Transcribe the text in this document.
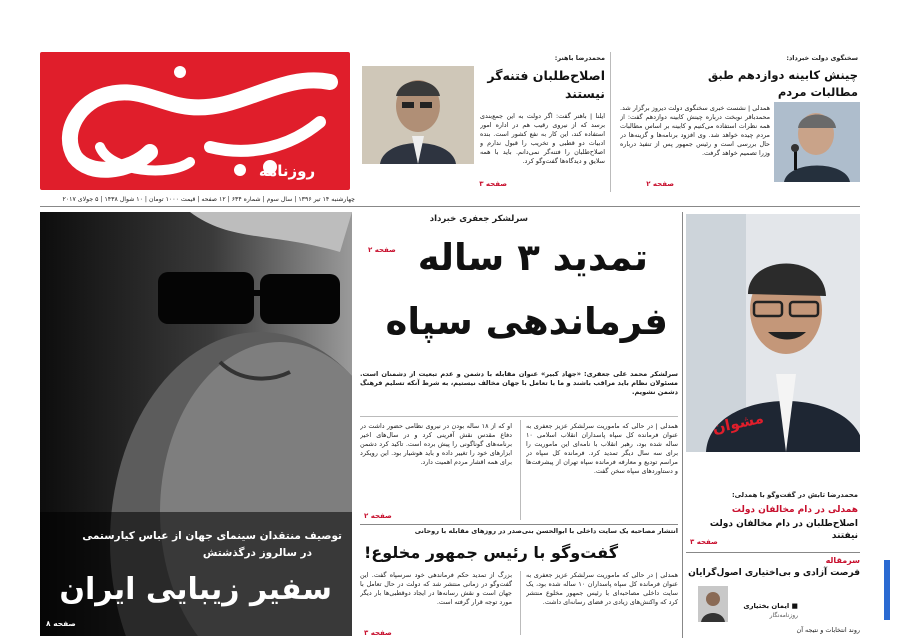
روزنامه
چهارشنبه ۱۴ تیر ۱۳۹۶ | سال سوم | شماره ۶۳۴ | ۱۲ صفحه | قیمت ۱۰۰۰ تومان | ۱۰ شوال ۱۴۳۸ | ۵ جولای ۲۰۱۷
محمدرضا باهنر:
اصلاح‌طلبان فتنه‌گر
نیستند
ایلنا | باهنر گفت: اگر دولت به این جمع‌بندی برسد که از نیروی رقیب هم در اداره امور استفاده کند، این کار به نفع کشور است. بنده ادبیات دو قطبی و تخریب را قبول ندارم و اصلاح‌طلبان را فتنه‌گر نمی‌دانم. باید با همه سلایق و دیدگاه‌ها گفت‌وگو کرد.
صفحه ۳
سخنگوی دولت خبرداد:
چینش کابینه دوازدهم طبق
مطالبات مردم
همدلی | نشست خبری سخنگوی دولت دیروز برگزار شد. محمدباقر نوبخت درباره چینش کابینه دوازدهم گفت: از همه نظرات استفاده می‌کنیم و کابینه بر اساس مطالبات مردم چیده خواهد شد. وی افزود برنامه‌ها و گزینه‌ها در حال بررسی است و رئیس جمهور پس از تنفیذ درباره وزرا تصمیم خواهد گرفت.
صفحه ۲
توصیف منتقدان سینمای جهان از عباس کیارستمی
در سالروز درگذشتش
سفیر زیبایی ایران
صفحه ۸
سرلشکر جعفری خبرداد
تمدید ۳ ساله
فرماندهی سپاه
صفحه ۲
سرلشکر محمد علی جعفری: «جهاد کبیر» عنوان مقابله با دشمن و عدم تبعیت از دشمنان است. مسئولان نظام باید مراقب باشند و ما با تعامل با جهان مخالف نیستیم، به شرط آنکه تسلیم فرهنگ دشمن نشویم.
همدلی | در حالی که ماموریت سرلشکر عزیز جعفری به عنوان فرمانده کل سپاه پاسداران انقلاب اسلامی ۱۰ ساله شده بود، رهبر انقلاب با نامه‌ای این ماموریت را برای سه سال دیگر تمدید کرد. فرمانده کل سپاه در مراسم تودیع و معارفه فرمانده سپاه تهران از پیشرفت‌ها و دستاوردهای سپاه سخن گفت.
او که از ۱۸ ساله بودن در نیروی نظامی حضور داشت در دفاع مقدس نقش آفرینی کرد و در سال‌های اخیر برنامه‌های گوناگونی را پیش برده است. تاکید کرد دشمن ابزارهای خود را تغییر داده و باید هوشیار بود. این رویکرد برای همه اقشار مردم اهمیت دارد.
صفحه ۲
انتشار مصاحبه یک سایت داخلی با ابوالحسن بنی‌صدر در روزهای مقابله با روحانی
گفت‌وگو با رئیس جمهور مخلوع!
همدلی | در حالی که ماموریت سرلشکر عزیز جعفری به عنوان فرمانده کل سپاه پاسداران ۱۰ ساله شده بود، یک سایت داخلی مصاحبه‌ای با رئیس جمهور مخلوع منتشر کرد که واکنش‌های زیادی در فضای رسانه‌ای داشت.
بزرگ از تمدید حکم فرماندهی خود سرسپاه گفت. این گفت‌وگو در زمانی منتشر شد که دولت در حال تعامل با جهان است و نقش رسانه‌ها در ایجاد دوقطبی‌ها بار دیگر مورد توجه قرار گرفته است.
صفحه ۳
مشوان
محمدرضا تابش در گفت‌وگو با همدلی:
همدلی در دام مخالفان دولت
اصلاح‌طلبان در دام مخالفان دولت نیفتند
صفحه ۳
سرمقاله
فرصت آزادی و بی‌اختیاری اصول‌گرایان
■ ایمان بختیاری
روزنامه‌نگار
روند انتخابات و نتیجه آن
